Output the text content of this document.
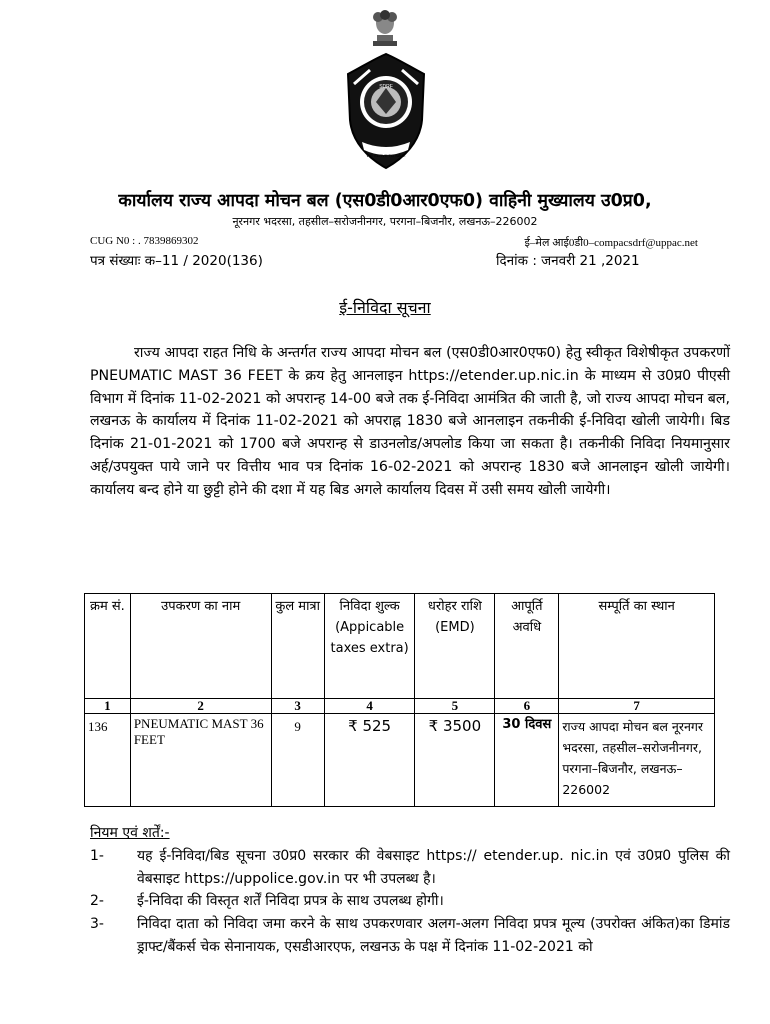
SDRF
WE SERVE TO SAVE
कार्यालय राज्य आपदा मोचन बल (एस0डी0आर0एफ0) वाहिनी मुख्यालय उ0प्र0,
नूरनगर भदरसा, तहसील–सरोजनीनगर, परगना–बिजनौर, लखनऊ–226002
CUG N0 : . 7839869302	ई–मेल आई0डी0–compacsdrf@uppac.net
पत्र संख्याः क–11 / 2020(136)	दिनांक : जनवरी 21 ,2021
ई-निविदा सूचना
राज्य आपदा राहत निधि के अन्तर्गत राज्य आपदा मोचन बल (एस0डी0आर0एफ0) हेतु स्वीकृत विशेषीकृत उपकरणों PNEUMATIC MAST 36 FEET के क्रय हेतु आनलाइन https://etender.up.nic.in के माध्यम से उ0प्र0 पीएसी विभाग में दिनांक 11-02-2021 को अपरान्ह 14-00 बजे तक ई-निविदा आमंत्रित की जाती है, जो राज्य आपदा मोचन बल, लखनऊ के कार्यालय में दिनांक 11-02-2021 को अपराह्न 1830 बजे आनलाइन तकनीकी ई-निविदा खोली जायेगी। बिड दिनांक 21-01-2021 को 1700 बजे अपरान्ह से डाउनलोड/अपलोड किया जा सकता है। तकनीकी निविदा नियमानुसार अर्ह/उपयुक्त पाये जाने पर वित्तीय भाव पत्र दिनांक 16-02-2021 को अपरान्ह 1830 बजे आनलाइन खोली जायेगी। कार्यालय बन्द होने या छुट्टी होने की दशा में यह बिड अगले कार्यालय दिवस में उसी समय खोली जायेगी।
क्रम सं.	उपकरण का नाम	कुल मात्रा	निविदा शुल्क (Appicable taxes extra)	धरोहर राशि (EMD)	आपूर्ति अवधि	सम्पूर्ति का स्थान
1	2	3	4	5	6	7
136	PNEUMATIC MAST 36 FEET	9	₹ 525	₹ 3500	30 दिवस	राज्य आपदा मोचन बल नूरनगर भदरसा, तहसील–सरोजनीनगर, परगना–बिजनौर, लखनऊ–226002
नियम एवं शर्तें:-
1- यह ई-निविदा/बिड सूचना उ0प्र0 सरकार की वेबसाइट https:// etender.up. nic.in एवं उ0प्र0 पुलिस की वेबसाइट https://uppolice.gov.in पर भी उपलब्ध है।
2- ई-निविदा की विस्तृत शर्तें निविदा प्रपत्र के साथ उपलब्ध होगी।
3- निविदा दाता को निविदा जमा करने के साथ उपकरणवार अलग-अलग निविदा प्रपत्र मूल्य (उपरोक्त अंकित)का डिमांड ड्राफ्ट/बैंकर्स चेक सेनानायक, एसडीआरएफ, लखनऊ के पक्ष में दिनांक 11-02-2021 को
